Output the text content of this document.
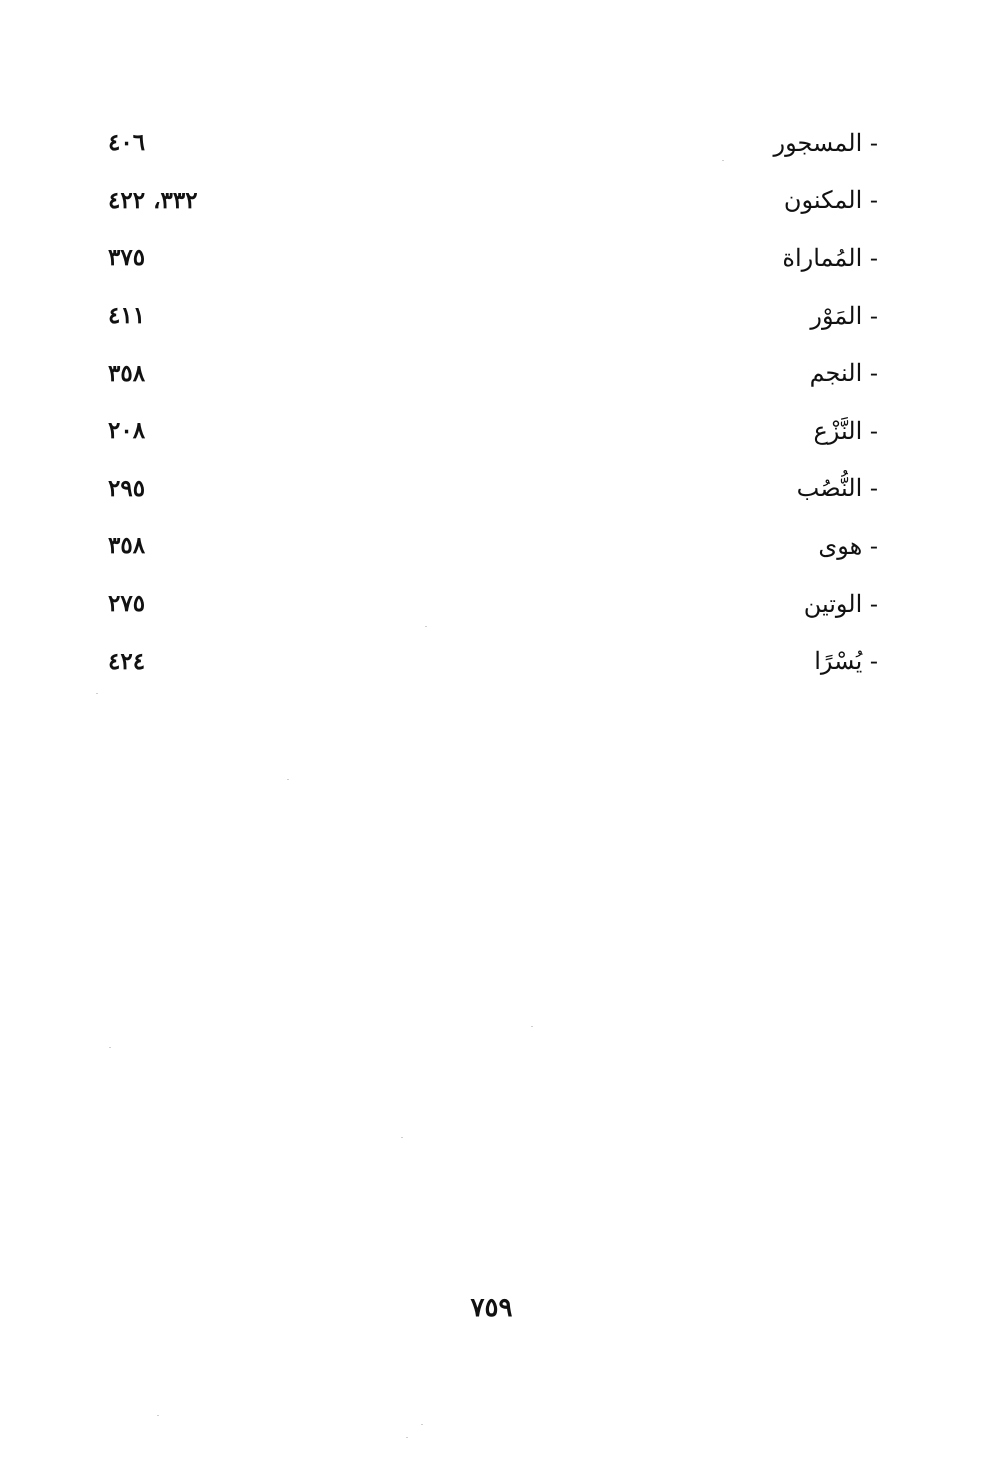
- المسجور
٤٠٦
- المكنون
٣٣٢، ٤٢٢
- المُماراة
٣٧٥
- المَوْر
٤١١
- النجم
٣٥٨
- النَّزْع
٢٠٨
- النُّصُب
٢٩٥
- هوى
٣٥٨
- الوتين
٢٧٥
- يُسْرًا
٤٢٤
٧٥٩
